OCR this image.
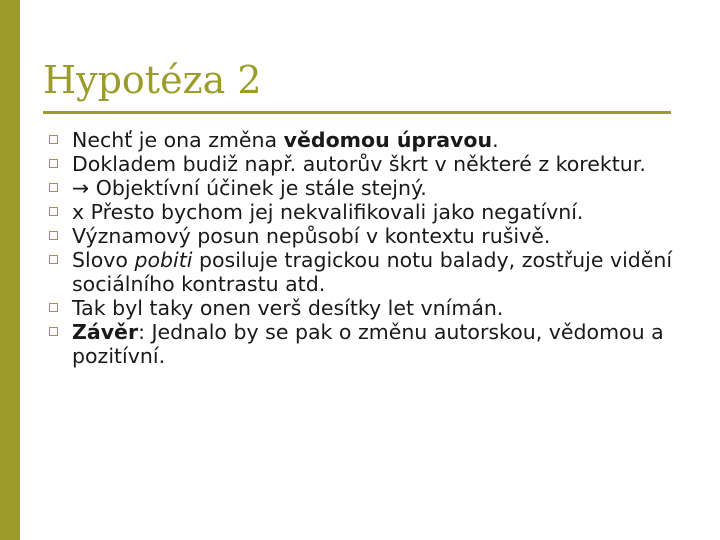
Hypotéza 2
Nechť je ona změna vědomou úpravou.
Dokladem budiž např. autorův škrt v některé z korektur.
→ Objektívní účinek je stále stejný.
x Přesto bychom jej nekvalifikovali jako negatívní.
Významový posun nepůsobí v kontextu rušivě.
Slovo pobiti posiluje tragickou notu balady, zostřuje vidění sociálního kontrastu atd.
Tak byl taky onen verš desítky let vnímán.
Závěr: Jednalo by se pak o změnu autorskou, vědomou a pozitívní.
